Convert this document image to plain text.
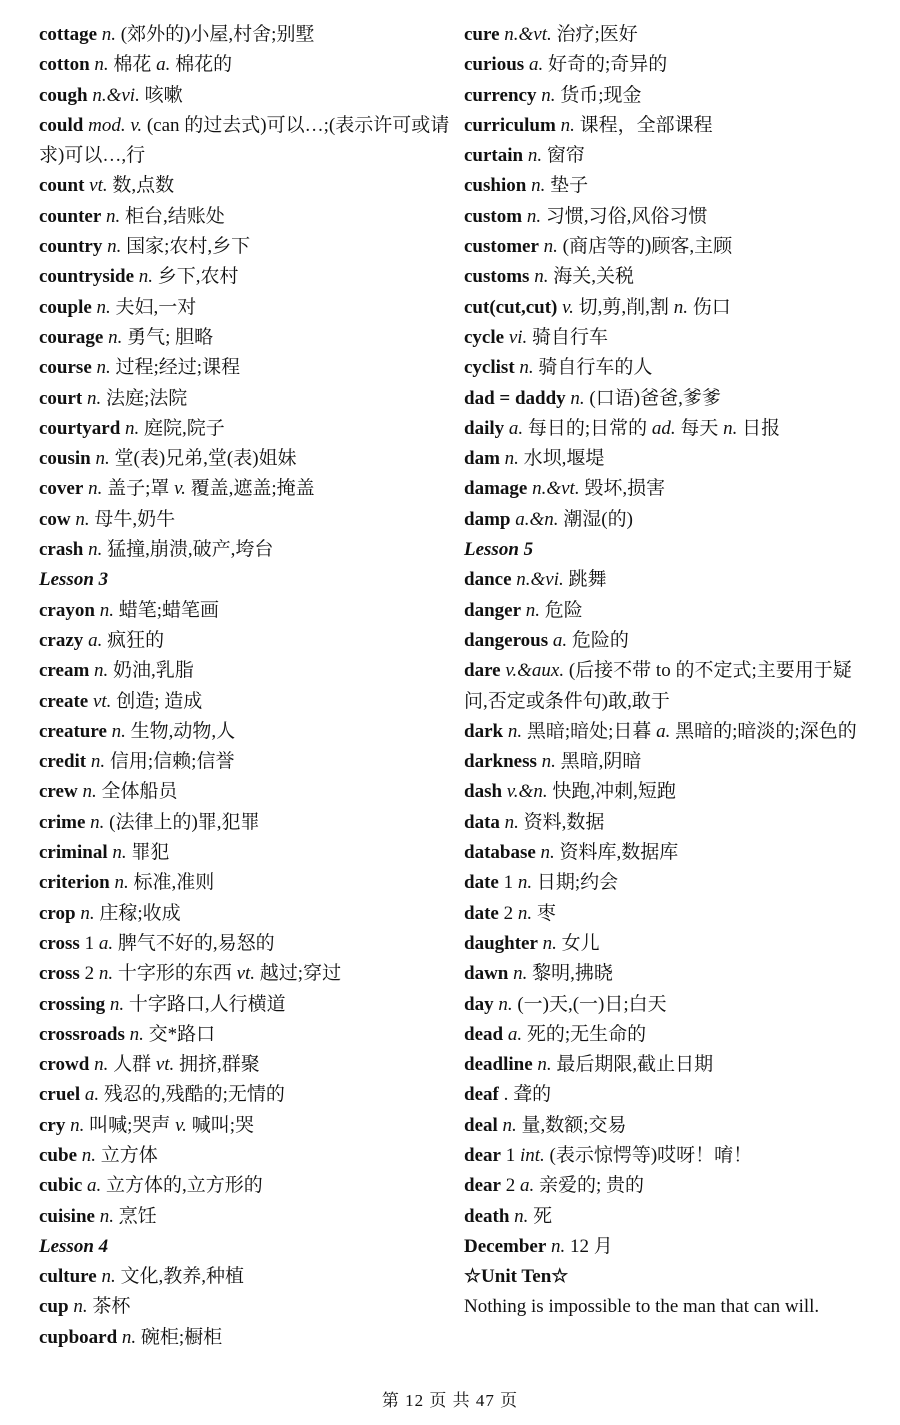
cottage n. (郊外的)小屋,村舍;别墅
cotton n. 棉花 a. 棉花的
cough n.&vi. 咳嗽
could mod. v. (can 的过去式)可以…;(表示许可或请求)可以…,行
count vt. 数,点数
counter n. 柜台,结账处
country n. 国家;农村,乡下
countryside n. 乡下,农村
couple n. 夫妇,一对
courage n. 勇气; 胆略
course n. 过程;经过;课程
court n. 法庭;法院
courtyard n. 庭院,院子
cousin n. 堂(表)兄弟,堂(表)姐妹
cover n. 盖子;罩 v. 覆盖,遮盖;掩盖
cow n. 母牛,奶牛
crash n. 猛撞,崩溃,破产,垮台
Lesson 3
crayon n. 蜡笔;蜡笔画
crazy a. 疯狂的
cream n. 奶油,乳脂
create vt. 创造; 造成
creature n. 生物,动物,人
credit n. 信用;信赖;信誉
crew n. 全体船员
crime n. (法律上的)罪,犯罪
criminal n. 罪犯
criterion n. 标准,准则
crop n. 庄稼;收成
cross 1 a. 脾气不好的,易怒的
cross 2 n. 十字形的东西 vt. 越过;穿过
crossing n. 十字路口,人行横道
crossroads n. 交*路口
crowd n. 人群 vt. 拥挤,群聚
cruel a. 残忍的,残酷的;无情的
cry n. 叫喊;哭声 v. 喊叫;哭
cube n. 立方体
cubic a. 立方体的,立方形的
cuisine n. 烹饪
Lesson 4
culture n. 文化,教养,种植
cup n. 茶杯
cupboard n. 碗柜;橱柜
cure n.&vt. 治疗;医好
curious a. 好奇的;奇异的
currency n. 货币;现金
curriculum n. 课程，全部课程
curtain n. 窗帘
cushion n. 垫子
custom n. 习惯,习俗,风俗习惯
customer n. (商店等的)顾客,主顾
customs n. 海关,关税
cut(cut,cut) v. 切,剪,削,割 n. 伤口
cycle vi. 骑自行车
cyclist n. 骑自行车的人
dad = daddy n. (口语)爸爸,爹爹
daily a. 每日的;日常的 ad. 每天 n. 日报
dam n. 水坝,堰堤
damage n.&vt. 毁坏,损害
damp a.&n. 潮湿(的)
Lesson 5
dance n.&vi. 跳舞
danger n. 危险
dangerous a. 危险的
dare v.&aux. (后接不带 to 的不定式;主要用于疑问,否定或条件句)敢,敢于
dark n. 黑暗;暗处;日暮 a. 黑暗的;暗淡的;深色的
darkness n. 黑暗,阴暗
dash v.&n. 快跑,冲刺,短跑
data n. 资料,数据
database n. 资料库,数据库
date 1 n. 日期;约会
date 2 n. 枣
daughter n. 女儿
dawn n. 黎明,拂晓
day n. (一)天,(一)日;白天
dead a. 死的;无生命的
deadline n. 最后期限,截止日期
deaf . 聋的
deal n. 量,数额;交易
dear 1 int. (表示惊愕等)哎呀！唷！
dear 2 a. 亲爱的; 贵的
death n. 死
December n. 12 月
☆Unit Ten☆
Nothing is impossible to the man that can will.
第 12 页 共 47 页
